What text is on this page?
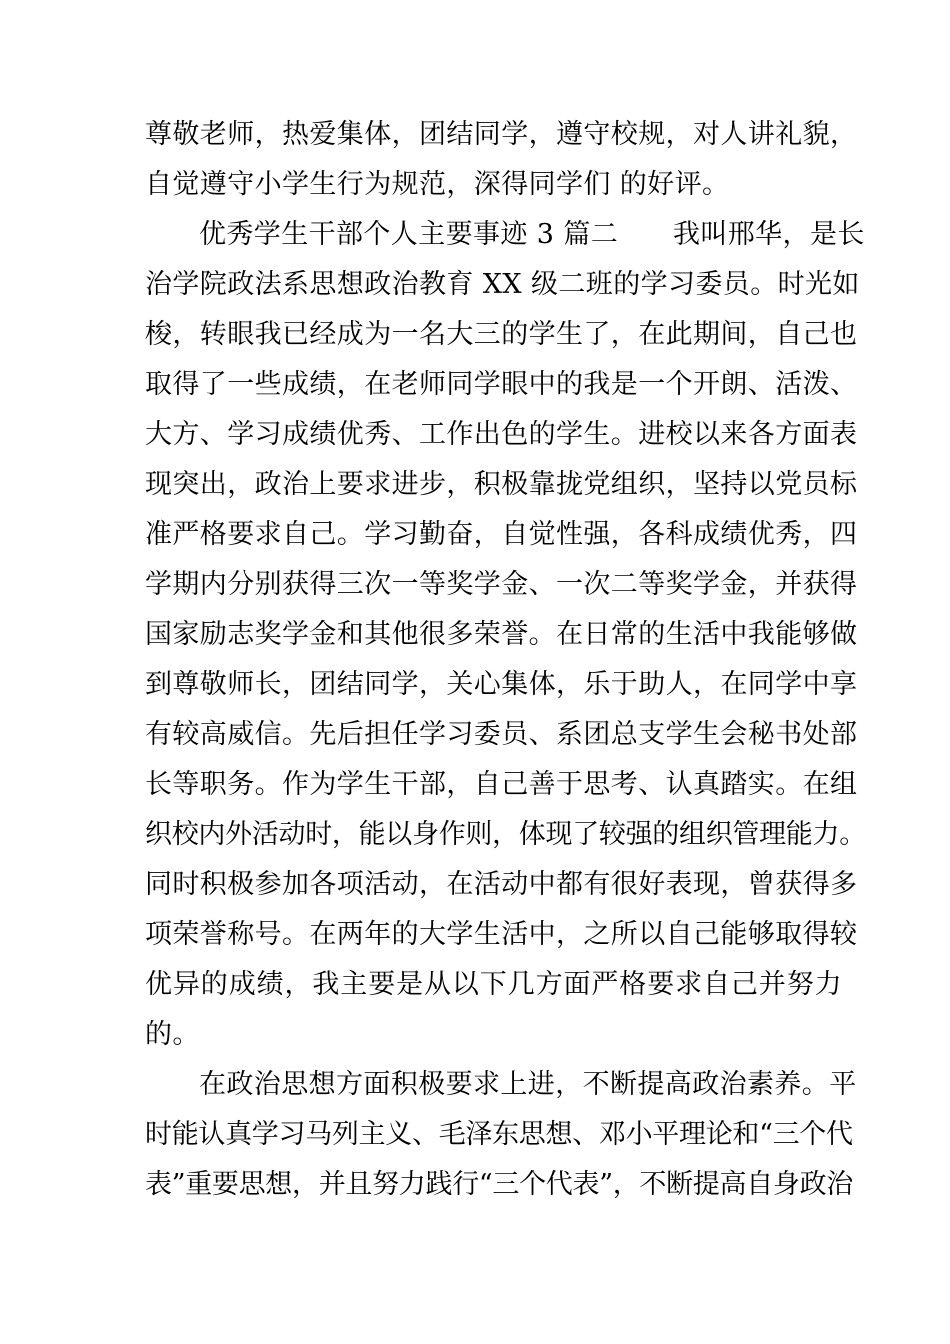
尊敬老师，热爱集体，团结同学，遵守校规，对人讲礼貌，
自觉遵守小学生行为规范，深得同学们 的好评。
优秀学生干部个人主要事迹 3 篇二　　我叫邢华，是长
治学院政法系思想政治教育 XX 级二班的学习委员。时光如
梭，转眼我已经成为一名大三的学生了，在此期间，自己也
取得了一些成绩，在老师同学眼中的我是一个开朗、活泼、
大方、学习成绩优秀、工作出色的学生。进校以来各方面表
现突出，政治上要求进步，积极靠拢党组织，坚持以党员标
准严格要求自己。学习勤奋，自觉性强，各科成绩优秀，四
学期内分别获得三次一等奖学金、一次二等奖学金，并获得
国家励志奖学金和其他很多荣誉。在日常的生活中我能够做
到尊敬师长，团结同学，关心集体，乐于助人，在同学中享
有较高威信。先后担任学习委员、系团总支学生会秘书处部
长等职务。作为学生干部，自己善于思考、认真踏实。在组
织校内外活动时，能以身作则，体现了较强的组织管理能力。
同时积极参加各项活动，在活动中都有很好表现，曾获得多
项荣誉称号。在两年的大学生活中，之所以自己能够取得较
优异的成绩，我主要是从以下几方面严格要求自己并努力
的。
在政治思想方面积极要求上进，不断提高政治素养。平
时能认真学习马列主义、毛泽东思想、邓小平理论和“三个代
表”重要思想，并且努力践行“三个代表”，不断提高自身政治
